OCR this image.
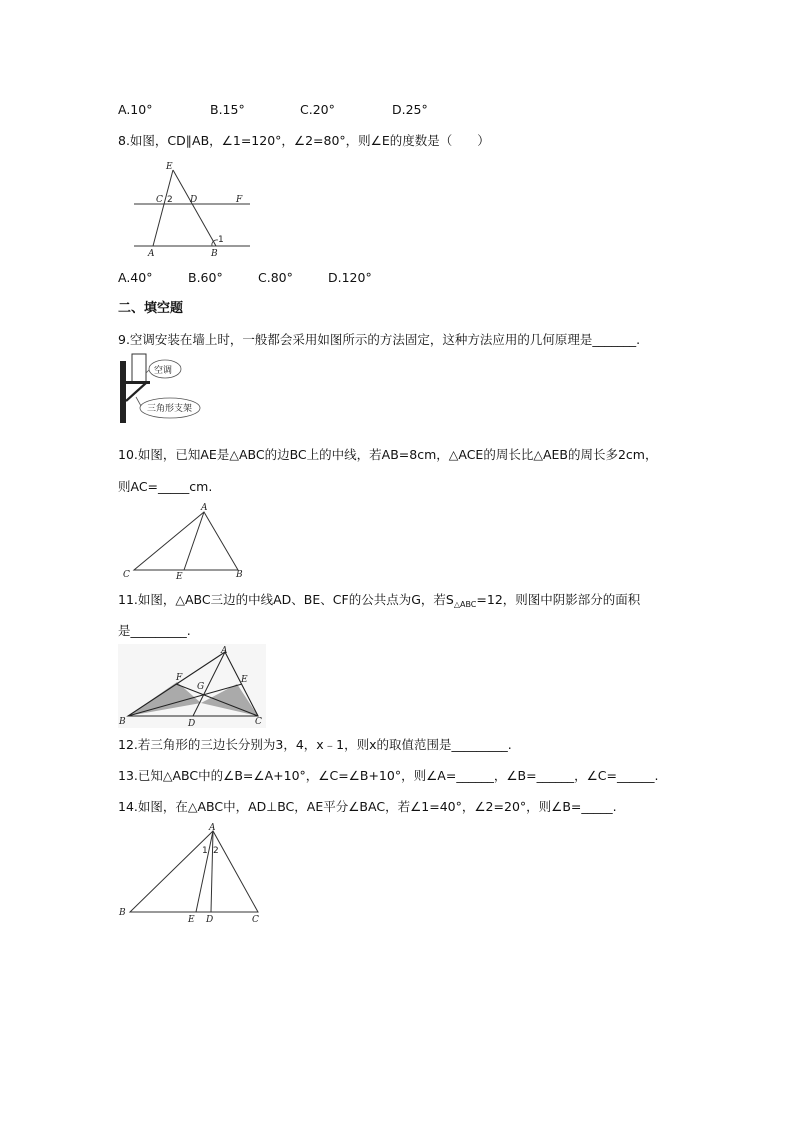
A.10°	B.15°	C.20°	D.25°
8.如图，CD∥AB，∠1=120°，∠2=80°，则∠E的度数是（　　）
E
C 2 D	F
A	B
1
A.40°	B.60°	C.80°	D.120°
二、填空题
9.空调安装在墙上时，一般都会采用如图所示的方法固定，这种方法应用的几何原理是_______.
空调
三角形支架
10.如图，已知AE是△ABC的边BC上的中线，若AB=8cm，△ACE的周长比△AEB的周长多2cm，
则AC=_____cm.
A
C	E	B
11.如图，△ABC三边的中线AD、BE、CF的公共点为G，若$S_{\triangle ABC}=12$，则图中阴影部分的面积
是_________.
A
F
G
E
B	D	C
12.若三角形的三边长分别为3，4，x﹣1，则x的取值范围是_________.
13.已知△ABC中的∠B=∠A+10°，∠C=∠B+10°，则∠A=______，∠B=______，∠C=______.
14.如图，在△ABC中，AD⊥BC，AE平分∠BAC，若∠1=40°，∠2=20°，则∠B=_____.
A
1 2
B
E D	C
